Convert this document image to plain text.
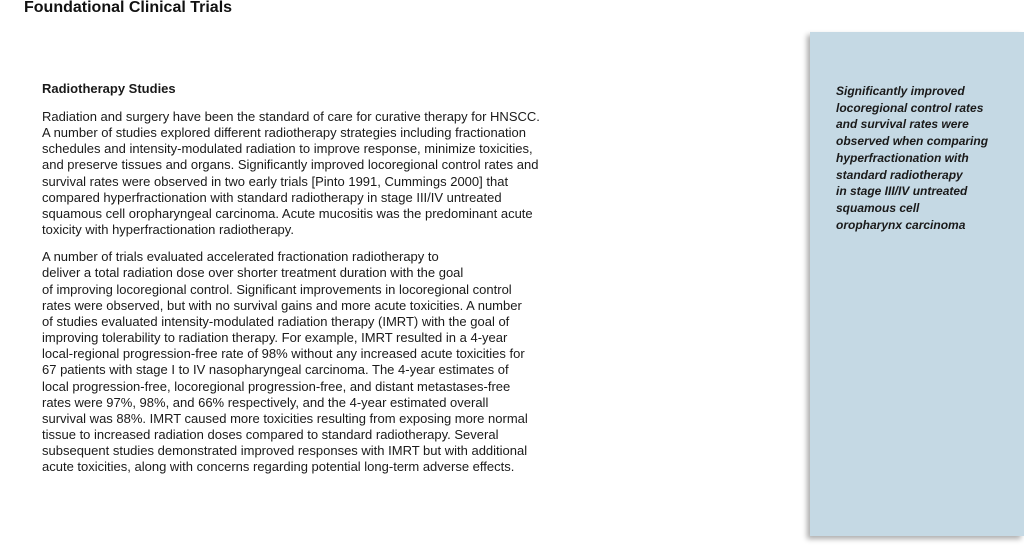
Foundational Clinical Trials
Radiotherapy Studies

Radiation and surgery have been the standard of care for curative therapy for HNSCC.
A number of studies explored different radiotherapy strategies including fractionation
schedules and intensity-modulated radiation to improve response, minimize toxicities,
and preserve tissues and organs. Significantly improved locoregional control rates and
survival rates were observed in two early trials [Pinto 1991, Cummings 2000] that
compared hyperfractionation with standard radiotherapy in stage III/IV untreated
squamous cell oropharyngeal carcinoma. Acute mucositis was the predominant acute
toxicity with hyperfractionation radiotherapy.

A number of trials evaluated accelerated fractionation radiotherapy to
deliver a total radiation dose over shorter treatment duration with the goal
of improving locoregional control. Significant improvements in locoregional control
rates were observed, but with no survival gains and more acute toxicities. A number
of studies evaluated intensity-modulated radiation therapy (IMRT) with the goal of
improving tolerability to radiation therapy. For example, IMRT resulted in a 4-year
local-regional progression-free rate of 98% without any increased acute toxicities for
67 patients with stage I to IV nasopharyngeal carcinoma. The 4-year estimates of
local progression-free, locoregional progression-free, and distant metastases-free
rates were 97%, 98%, and 66% respectively, and the 4-year estimated overall
survival was 88%. IMRT caused more toxicities resulting from exposing more normal
tissue to increased radiation doses compared to standard radiotherapy. Several
subsequent studies demonstrated improved responses with IMRT but with additional
acute toxicities, along with concerns regarding potential long-term adverse effects.

Significantly improved
locoregional control rates
and survival rates were
observed when comparing
hyperfractionation with
standard radiotherapy
in stage III/IV untreated
squamous cell
oropharynx carcinoma
